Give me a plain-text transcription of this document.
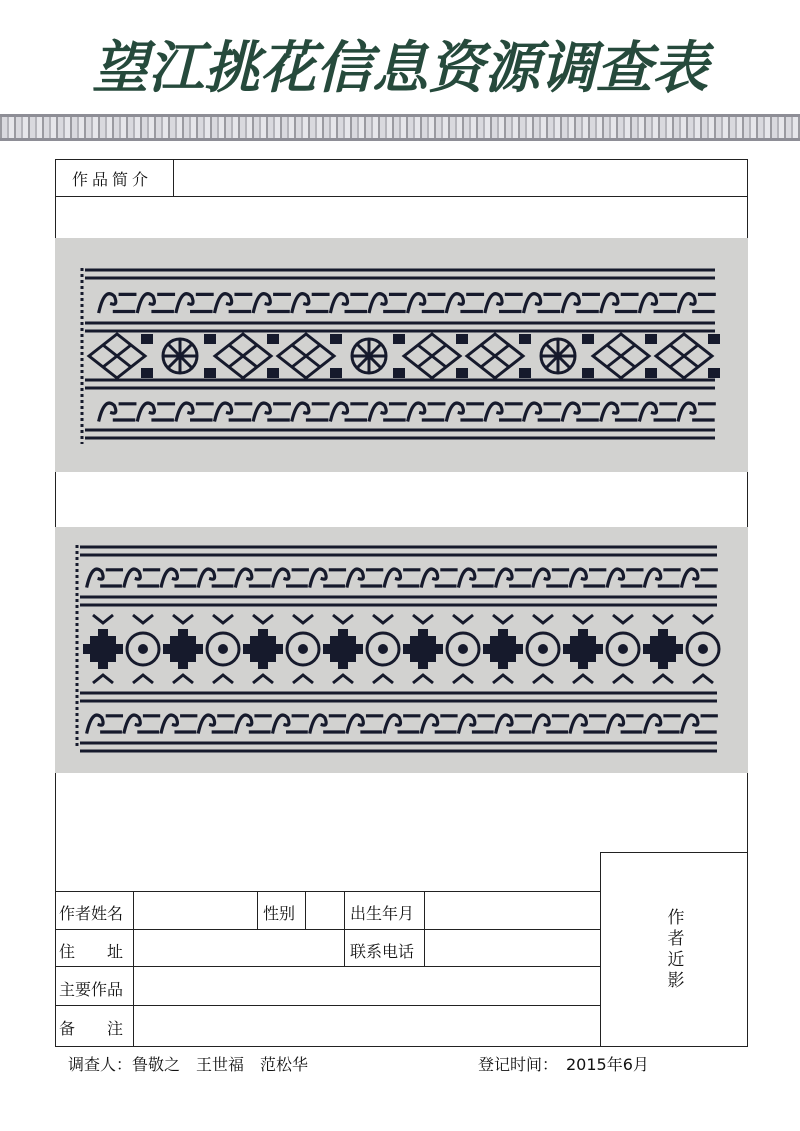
望江挑花信息资源调查表
作品简介
作者近影
作者姓名	性别	出生年月
住　　址	联系电话
主要作品
备　　注
调查人：鲁敬之　王世福　范松华	登记时间：　2015年6月
